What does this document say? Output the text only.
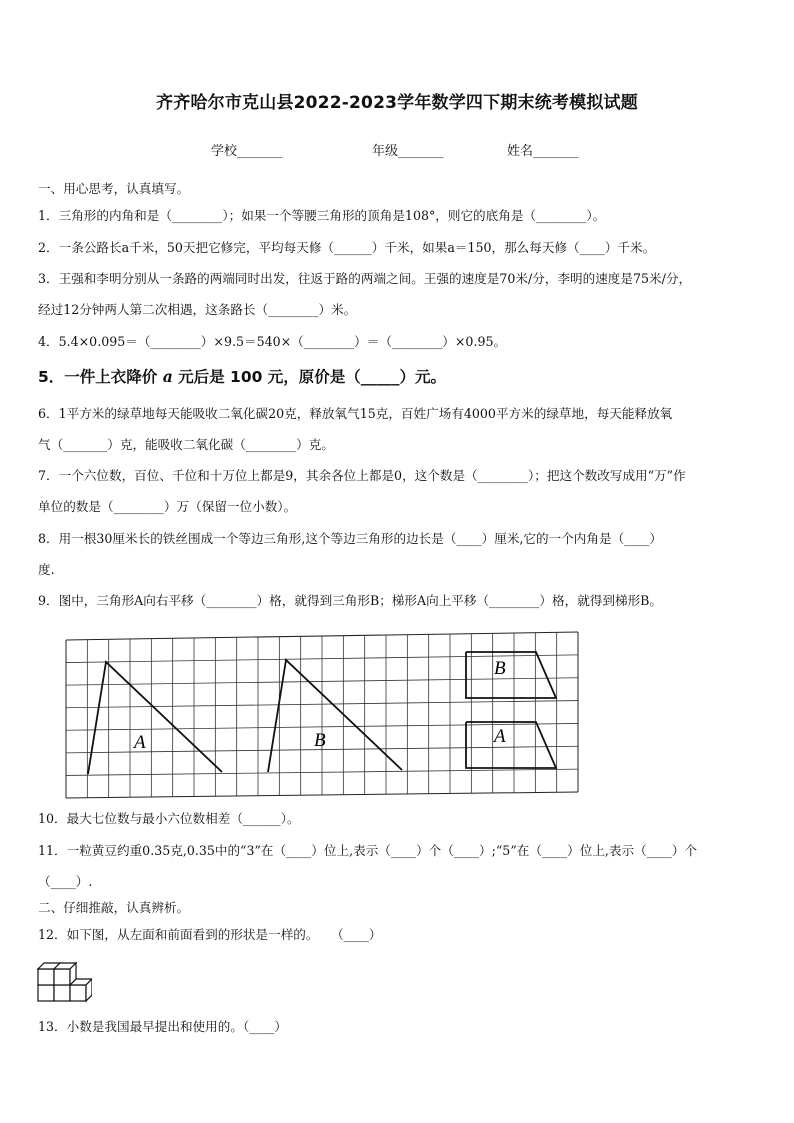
齐齐哈尔市克山县2022-2023学年数学四下期末统考模拟试题
学校_______	年级_______	姓名_______
一、用心思考，认真填写。
1．三角形的内角和是（________）；如果一个等腰三角形的顶角是108°，则它的底角是（________）。
2．一条公路长a千米，50天把它修完，平均每天修（______）千米，如果a＝150，那么每天修（____）千米。
3．王强和李明分别从一条路的两端同时出发，往返于路的两端之间。王强的速度是70米/分，李明的速度是75米/分，
经过12分钟两人第二次相遇，这条路长（________）米。
4．5.4×0.095＝（________）×9.5＝540×（________）＝（________）×0.95。
5．一件上衣降价 a 元后是 100 元，原价是（_____）元。
6．1平方米的绿草地每天能吸收二氧化碳20克，释放氧气15克，百姓广场有4000平方米的绿草地，每天能释放氧
气（_______）克，能吸收二氧化碳（________）克。
7．一个六位数，百位、千位和十万位上都是9，其余各位上都是0，这个数是（________）；把这个数改写成用“万”作
单位的数是（________）万（保留一位小数）。
8．用一根30厘米长的铁丝围成一个等边三角形,这个等边三角形的边长是（____）厘米,它的一个内角是（____）
度.
9．图中，三角形A向右平移（________）格，就得到三角形B；梯形A向上平移（________）格，就得到梯形B。
A	B
B
A
10．最大七位数与最小六位数相差（______）。
11．一粒黄豆约重0.35克,0.35中的“3”在（____）位上,表示（____）个（____）;“5”在（____）位上,表示（____）个
（____）.
二、仔细推敲，认真辨析。
12．如下图，从左面和前面看到的形状是一样的。　　（____）
13．小数是我国最早提出和使用的。（____）
